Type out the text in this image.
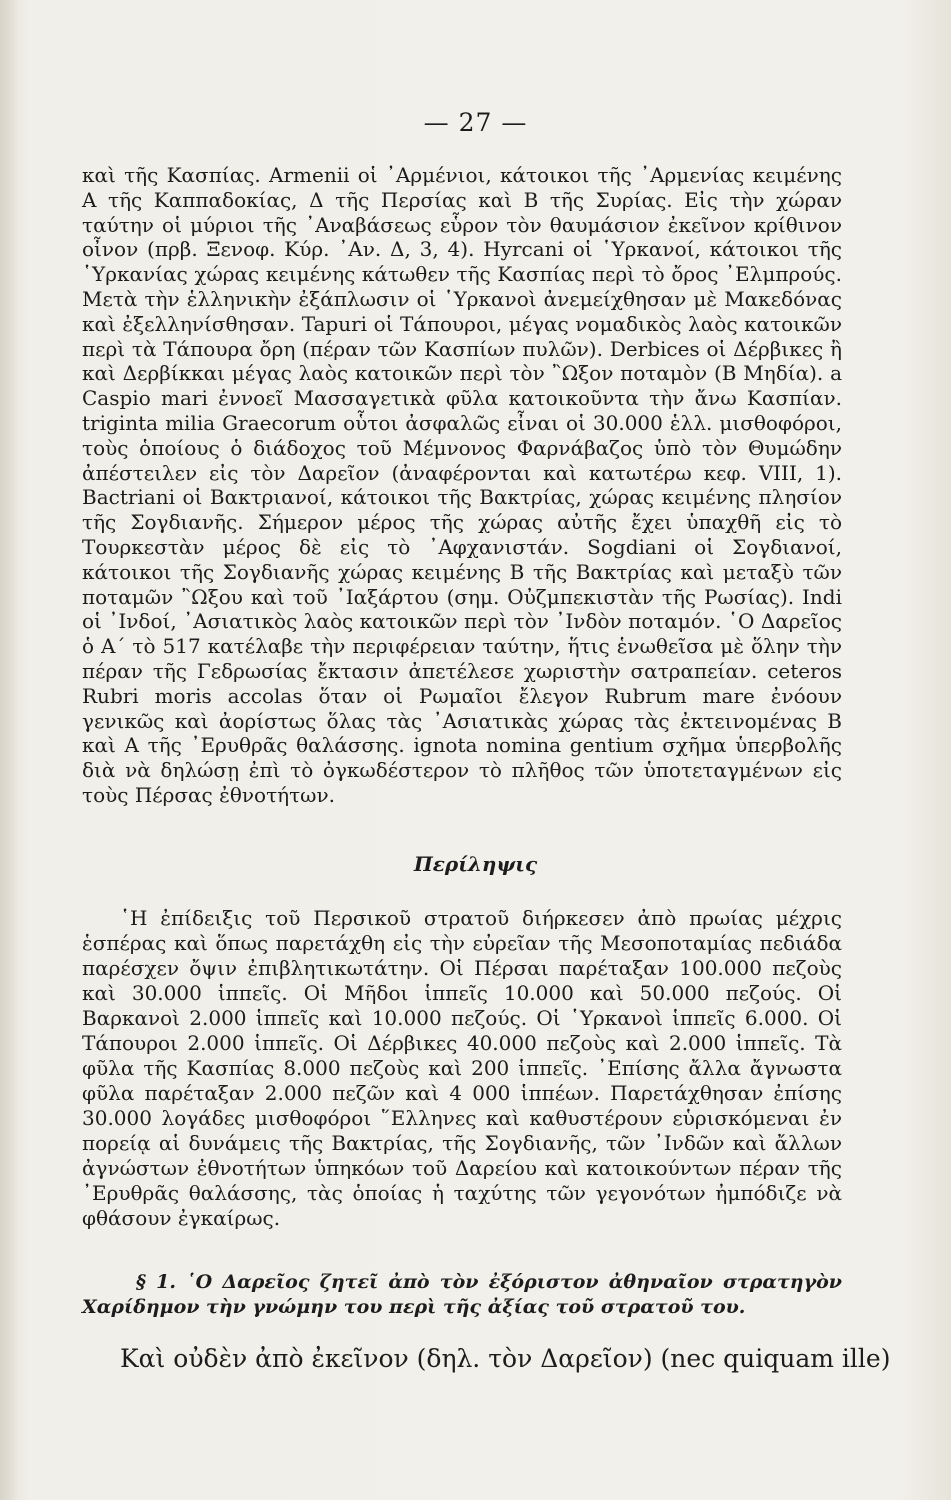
— 27 —

καὶ τῆς Κασπίας. Armenii οἱ ᾿Αρμένιοι, κάτοικοι τῆς ᾿Αρμενίας κειμένης Α τῆς Καππαδοκίας, Δ τῆς Περσίας καὶ Β τῆς Συρίας. Εἰς τὴν χώραν ταύτην οἱ μύριοι τῆς ᾿Αναβάσεως εὗρον τὸν θαυμάσιον ἐκεῖνον κρίθινον οἶνον (πρβ. Ξενοφ. Κύρ. ᾿Αν. Δ, 3, 4). Hyrcani οἱ ῾Υρκανοί, κάτοικοι τῆς ῾Υρκανίας χώρας κειμένης κάτωθεν τῆς Κασπίας περὶ τὸ ὄρος ᾿Ελμπρούς. Μετὰ τὴν ἑλληνικὴν ἐξάπλωσιν οἱ ῾Υρκανοὶ ἀνεμείχθησαν μὲ Μακεδόνας καὶ ἐξελληνίσθησαν. Tapuri οἱ Τάπουροι, μέγας νομαδικὸς λαὸς κατοικῶν περὶ τὰ Τάπουρα ὄρη (πέραν τῶν Κασπίων πυλῶν). Derbices οἱ Δέρβικες ἢ καὶ Δερβίκκαι μέγας λαὸς κατοικῶν περὶ τὸν ῍Ωξον ποταμὸν (Β Μηδία). a Caspio mari ἐννοεῖ Μασσαγετικὰ φῦλα κατοικοῦντα τὴν ἄνω Κασπίαν. triginta milia Graecorum οὗτοι ἀσφαλῶς εἶναι οἱ 30.000 ἑλλ. μισθοφόροι, τοὺς ὁποίους ὁ διάδοχος τοῦ Μέμνονος Φαρνάβαζος ὑπὸ τὸν Θυμώδην ἀπέστειλεν εἰς τὸν Δαρεῖον (ἀναφέρονται καὶ κατωτέρω κεφ. VIII, 1). Bactriani οἱ Βακτριανοί, κάτοικοι τῆς Βακτρίας, χώρας κειμένης πλησίον τῆς Σογδιανῆς. Σήμερον μέρος τῆς χώρας αὐτῆς ἔχει ὑπαχθῆ εἰς τὸ Τουρκεστὰν μέρος δὲ εἰς τὸ ᾿Αφχανιστάν. Sogdiani οἱ Σογδιανοί, κάτοικοι τῆς Σογδιανῆς χώρας κειμένης Β τῆς Βακτρίας καὶ μεταξὺ τῶν ποταμῶν ῍Ωξου καὶ τοῦ ᾿Ιαξάρτου (σημ. Οὐζμπεκιστὰν τῆς Ρωσίας). Indi οἱ ᾿Ινδοί, ᾿Ασιατικὸς λαὸς κατοικῶν περὶ τὸν ᾿Ινδὸν ποταμόν. ῾Ο Δαρεῖος ὁ Α΄ τὸ 517 κατέλαβε τὴν περιφέρειαν ταύτην, ἥτις ἑνωθεῖσα μὲ ὅλην τὴν πέραν τῆς Γεδρωσίας ἔκτασιν ἀπετέλεσε χωριστὴν σατραπείαν. ceteros Rubri moris accolas ὅταν οἱ Ρωμαῖοι ἔλεγον Rubrum mare ἐνόουν γενικῶς καὶ ἀορίστως ὅλας τὰς ᾿Ασιατικὰς χώρας τὰς ἐκτεινομένας Β καὶ Α τῆς ᾿Ερυθρᾶς θαλάσσης. ignota nomina gentium σχῆμα ὑπερβολῆς διὰ νὰ δηλώσῃ ἐπὶ τὸ ὀγκωδέστερον τὸ πλῆθος τῶν ὑποτεταγμένων εἰς τοὺς Πέρσας ἐθνοτήτων.

Περίληψις

῾Η ἐπίδειξις τοῦ Περσικοῦ στρατοῦ διήρκεσεν ἀπὸ πρωίας μέχρις ἑσπέρας καὶ ὅπως παρετάχθη εἰς τὴν εὐρεῖαν τῆς Μεσοποταμίας πεδιάδα παρέσχεν ὄψιν ἐπιβλητικωτάτην. Οἱ Πέρσαι παρέταξαν 100.000 πεζοὺς καὶ 30.000 ἱππεῖς. Οἱ Μῆδοι ἱππεῖς 10.000 καὶ 50.000 πεζούς. Οἱ Βαρκανοὶ 2.000 ἱππεῖς καὶ 10.000 πεζούς. Οἱ ῾Υρκανοὶ ἱππεῖς 6.000. Οἱ Τάπουροι 2.000 ἱππεῖς. Οἱ Δέρβικες 40.000 πεζοὺς καὶ 2.000 ἱππεῖς. Τὰ φῦλα τῆς Κασπίας 8.000 πεζοὺς καὶ 200 ἱππεῖς. ᾿Επίσης ἄλλα ἄγνωστα φῦλα παρέταξαν 2.000 πεζῶν καὶ 4 000 ἱππέων. Παρετάχθησαν ἐπίσης 30.000 λογάδες μισθοφόροι ῞Ελληνες καὶ καθυστέρουν εὑρισκόμεναι ἐν πορείᾳ αἱ δυνάμεις τῆς Βακτρίας, τῆς Σογδιανῆς, τῶν ᾿Ινδῶν καὶ ἄλλων ἀγνώστων ἐθνοτήτων ὑπηκόων τοῦ Δαρείου καὶ κατοικούντων πέραν τῆς ᾿Ερυθρᾶς θαλάσσης, τὰς ὁποίας ἡ ταχύτης τῶν γεγονότων ἠμπόδιζε νὰ φθάσουν ἐγκαίρως.

§ 1. ῾Ο Δαρεῖος ζητεῖ ἀπὸ τὸν ἐξόριστον ἀθηναῖον στρατηγὸν Χαρίδημον τὴν γνώμην του περὶ τῆς ἀξίας τοῦ στρατοῦ του.

Καὶ οὐδὲν ἀπὸ ἐκεῖνον (δηλ. τὸν Δαρεῖον) (nec quiquam ille)
